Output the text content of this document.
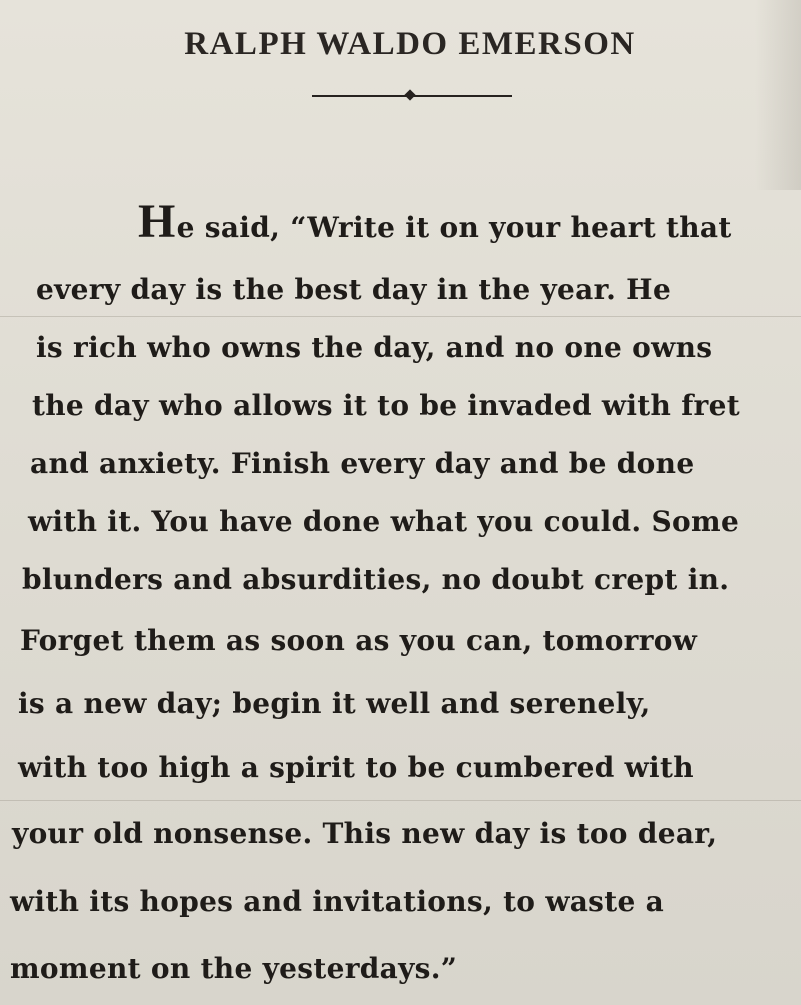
RALPH WALDO EMERSON
He said, “Write it on your heart that
every day is the best day in the year. He
is rich who owns the day, and no one owns
the day who allows it to be invaded with fret
and anxiety. Finish every day and be done
with it. You have done what you could. Some
blunders and absurdities, no doubt crept in.
Forget them as soon as you can, tomorrow
is a new day; begin it well and serenely,
with too high a spirit to be cumbered with
your old nonsense. This new day is too dear,
with its hopes and invitations, to waste a
moment on the yesterdays.”
